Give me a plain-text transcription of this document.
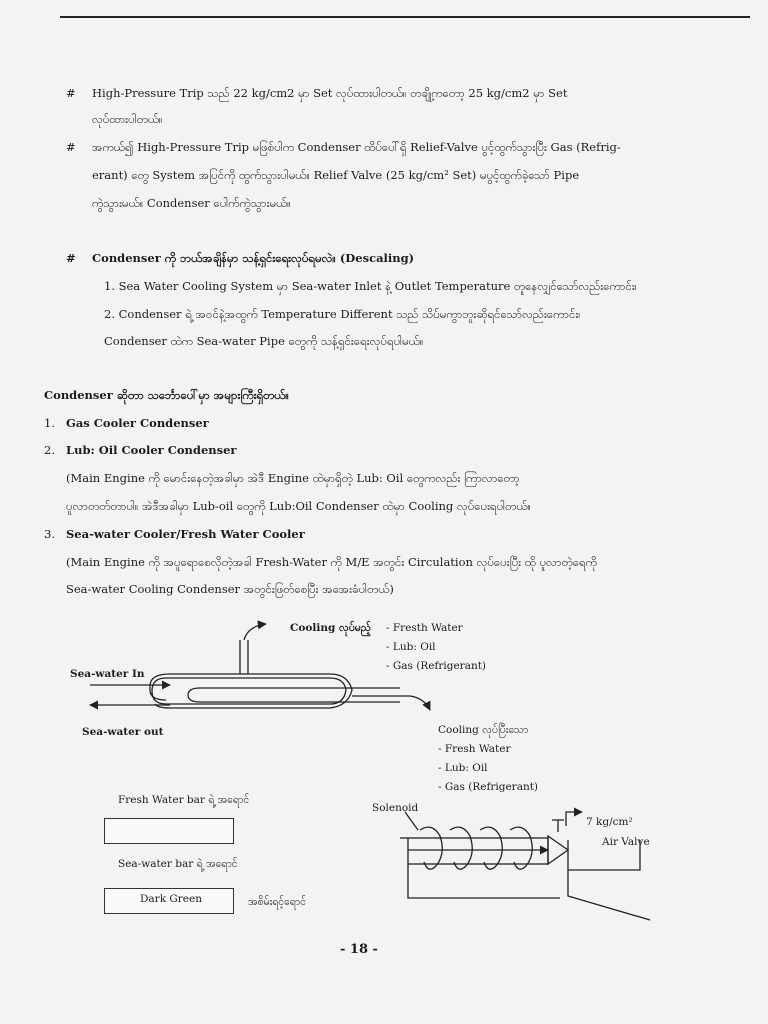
# High-Pressure Trip သည် 22 kg/cm2 မှာ Set လုပ်ထားပါတယ်။ တချို့ကတော့ 25 kg/cm2 မှာ Set
လုပ်ထားပါတယ်။
# အကယ်၍ High-Pressure Trip မဖြစ်ပါက Condenser ထိပ်ပေါ်ရှိ Relief-Valve ပွင့်ထွက်သွားပြီး Gas (Refrig-
erant) တွေ System အပြင်ကို ထွက်သွားပါမယ်။ Relief Valve (25 kg/cm² Set) မပွင့်ထွက်ခဲ့သော် Pipe
ကွဲသွားမယ်။ Condenser ပေါက်ကွဲသွားမယ်။
# Condenser ကို ဘယ်အချိန်မှာ သန့်ရှင်းရေးလုပ်ရမလဲ။ (Descaling)
1. Sea Water Cooling System မှာ Sea-water Inlet နဲ့ Outlet Temperature တူနေလျှင်သော်လည်းကောင်း၊
2. Condenser ရဲ့ အဝင်နဲ့အထွက် Temperature Different သည် သိပ်မကွာဘူးဆိုရင်သော်လည်းကောင်း၊
Condenser ထဲက Sea-water Pipe တွေကို သန့်ရှင်းရေးလုပ်ရပါမယ်။
Condenser ဆိုတာ သင်္ဘောပေါ်မှာ အများကြီးရှိတယ်။
1. Gas Cooler Condenser
2. Lub: Oil Cooler Condenser
(Main Engine ကို မောင်းနေတဲ့အခါမှာ အဲဒီ Engine ထဲမှာရှိတဲ့ Lub: Oil တွေကလည်း ကြာလာတော့
ပူလာတတ်တာပါ။ အဲဒီအခါမှာ Lub-oil တွေကို Lub:Oil Condenser ထဲမှာ Cooling လုပ်ပေးရပါတယ်။
3. Sea-water Cooler/Fresh Water Cooler
(Main Engine ကို အပူရောစေလိုတဲ့အခါ Fresh-Water ကို M/E အတွင်း Circulation လုပ်ပေးပြီး ထို ပူလာတဲ့ရေကို
Sea-water Cooling Condenser အတွင်းဖြတ်စေပြီး အအေးခံပါတယ်)
Cooling လုပ်မည့် - Fresth Water
- Lub: Oil
- Gas (Refrigerant)
Sea-water In
Sea-water out	Cooling လုပ်ပြီးသော
- Fresh Water
- Lub: Oil
- Gas (Refrigerant)
Fresh Water bar ရဲ့ အရောင်
Sea-water bar ရဲ့ အရောင်
Dark Green	အစိမ်းရင့်ရောင်
Solenoid
7 kg/cm²
Air Valve
- 18 -
